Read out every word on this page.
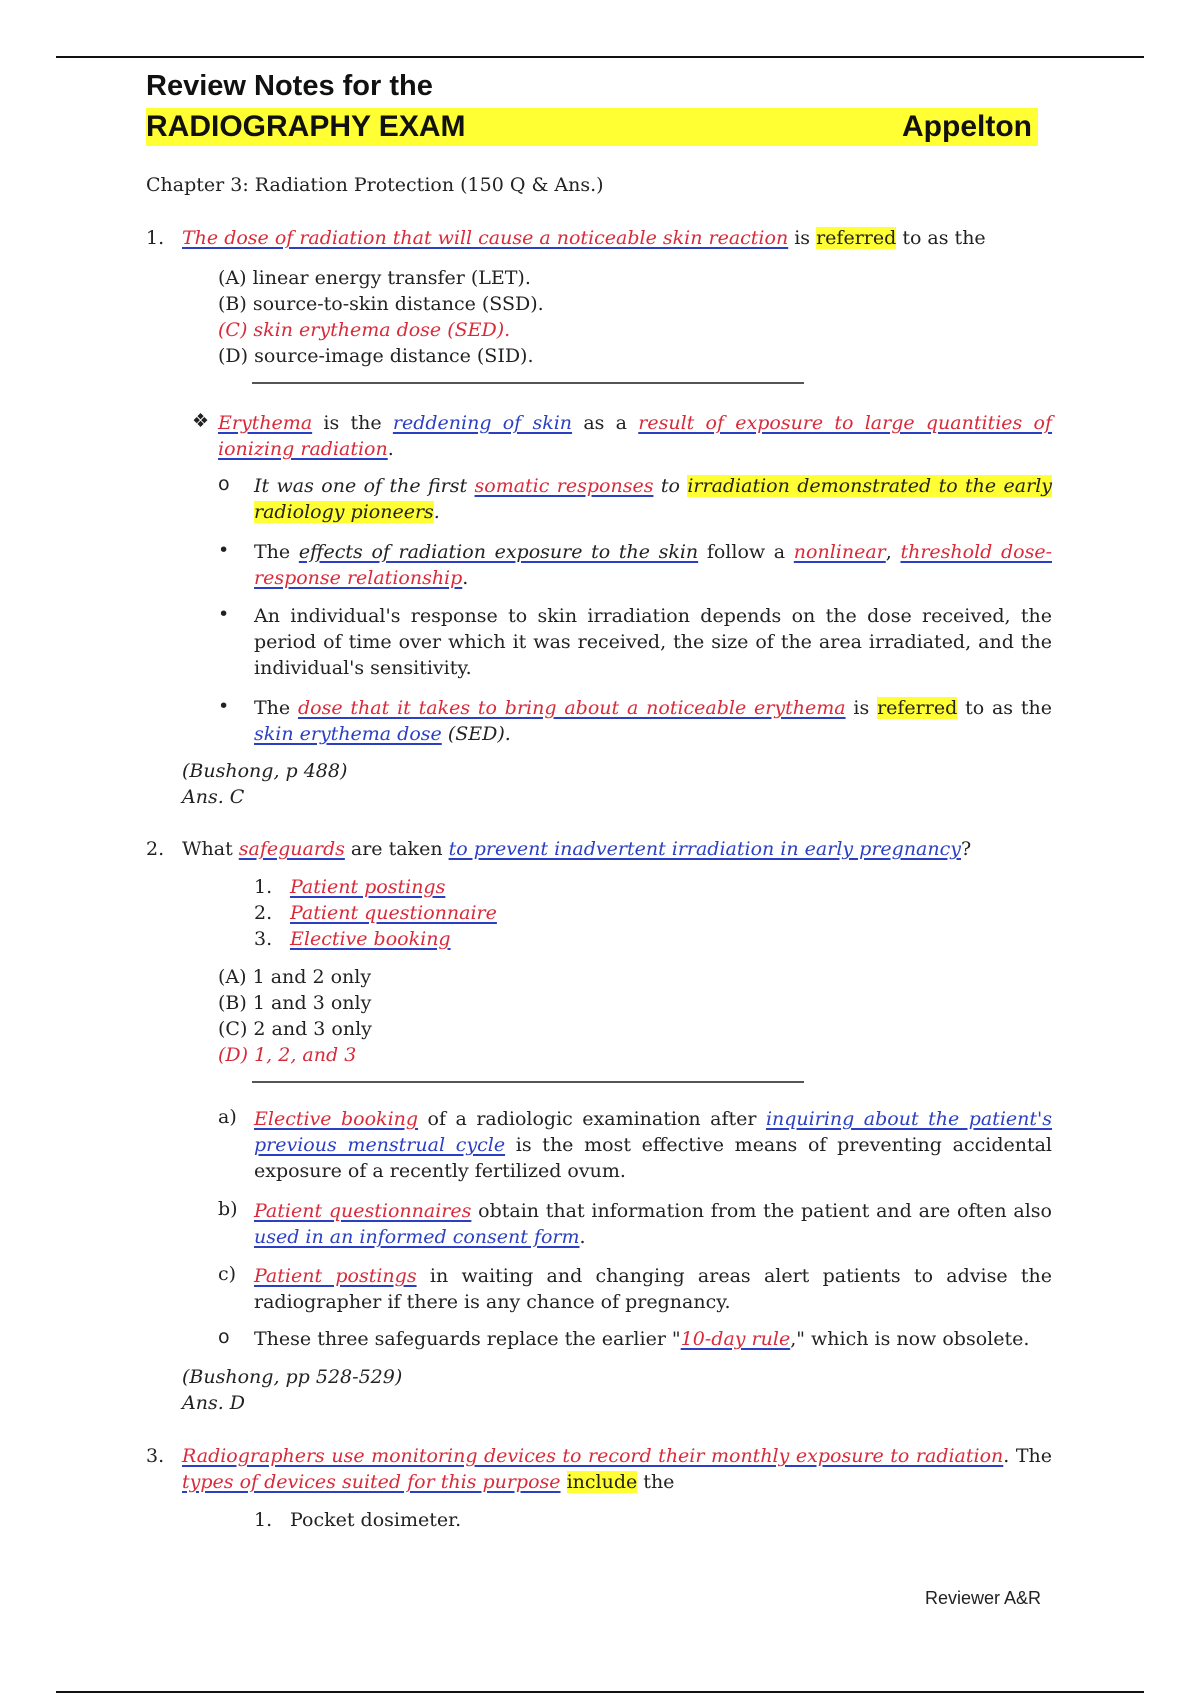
Review Notes for the
RADIOGRAPHY EXAM	Appelton
Chapter 3: Radiation Protection (150 Q & Ans.)
1. The dose of radiation that will cause a noticeable skin reaction is referred to as the
(A) linear energy transfer (LET).
(B) source-to-skin distance (SSD).
(C) skin erythema dose (SED).
(D) source-image distance (SID).
❖ Erythema is the reddening of skin as a result of exposure to large quantities of ionizing radiation.
o It was one of the first somatic responses to irradiation demonstrated to the early radiology pioneers.
• The effects of radiation exposure to the skin follow a nonlinear, threshold dose-response relationship.
• An individual's response to skin irradiation depends on the dose received, the period of time over which it was received, the size of the area irradiated, and the individual's sensitivity.
• The dose that it takes to bring about a noticeable erythema is referred to as the skin erythema dose (SED).
(Bushong, p 488)
Ans. C
2. What safeguards are taken to prevent inadvertent irradiation in early pregnancy?
1. Patient postings
2. Patient questionnaire
3. Elective booking
(A) 1 and 2 only
(B) 1 and 3 only
(C) 2 and 3 only
(D) 1, 2, and 3
a) Elective booking of a radiologic examination after inquiring about the patient's previous menstrual cycle is the most effective means of preventing accidental exposure of a recently fertilized ovum.
b) Patient questionnaires obtain that information from the patient and are often also used in an informed consent form.
c) Patient postings in waiting and changing areas alert patients to advise the radiographer if there is any chance of pregnancy.
o These three safeguards replace the earlier "10-day rule," which is now obsolete.
(Bushong, pp 528-529)
Ans. D
3. Radiographers use monitoring devices to record their monthly exposure to radiation. The types of devices suited for this purpose include the
1. Pocket dosimeter.
Reviewer A&R
